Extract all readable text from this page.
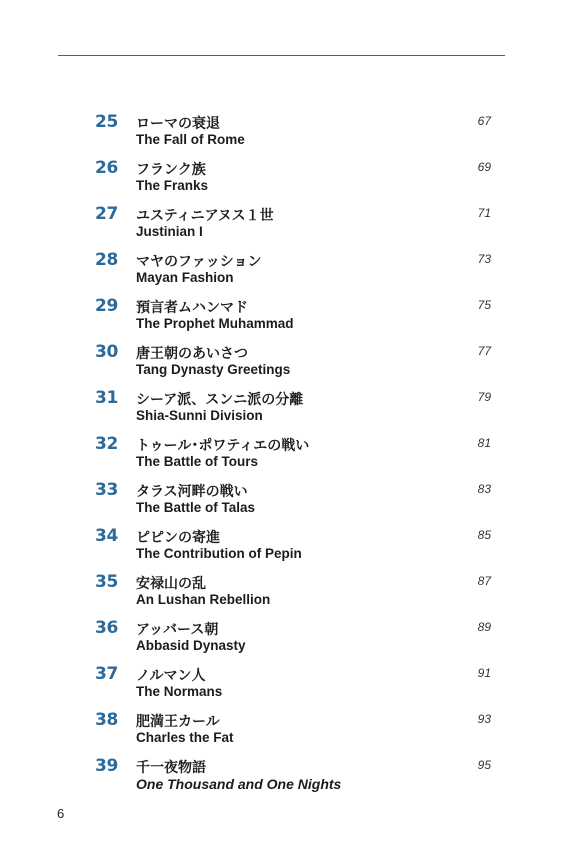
25 ローマの衰退
The Fall of Rome
67
26 フランク族
The Franks
69
27 ユスティニアヌス１世
Justinian I
71
28 マヤのファッション
Mayan Fashion
73
29 預言者ムハンマド
The Prophet Muhammad
75
30 唐王朝のあいさつ
Tang Dynasty Greetings
77
31 シーア派、スンニ派の分離
Shia-Sunni Division
79
32 トゥール･ポワティエの戦い
The Battle of Tours
81
33 タラス河畔の戦い
The Battle of Talas
83
34 ピピンの寄進
The Contribution of Pepin
85
35 安禄山の乱
An Lushan Rebellion
87
36 アッバース朝
Abbasid Dynasty
89
37 ノルマン人
The Normans
91
38 肥満王カール
Charles the Fat
93
39 千一夜物語
One Thousand and One Nights
95
6
